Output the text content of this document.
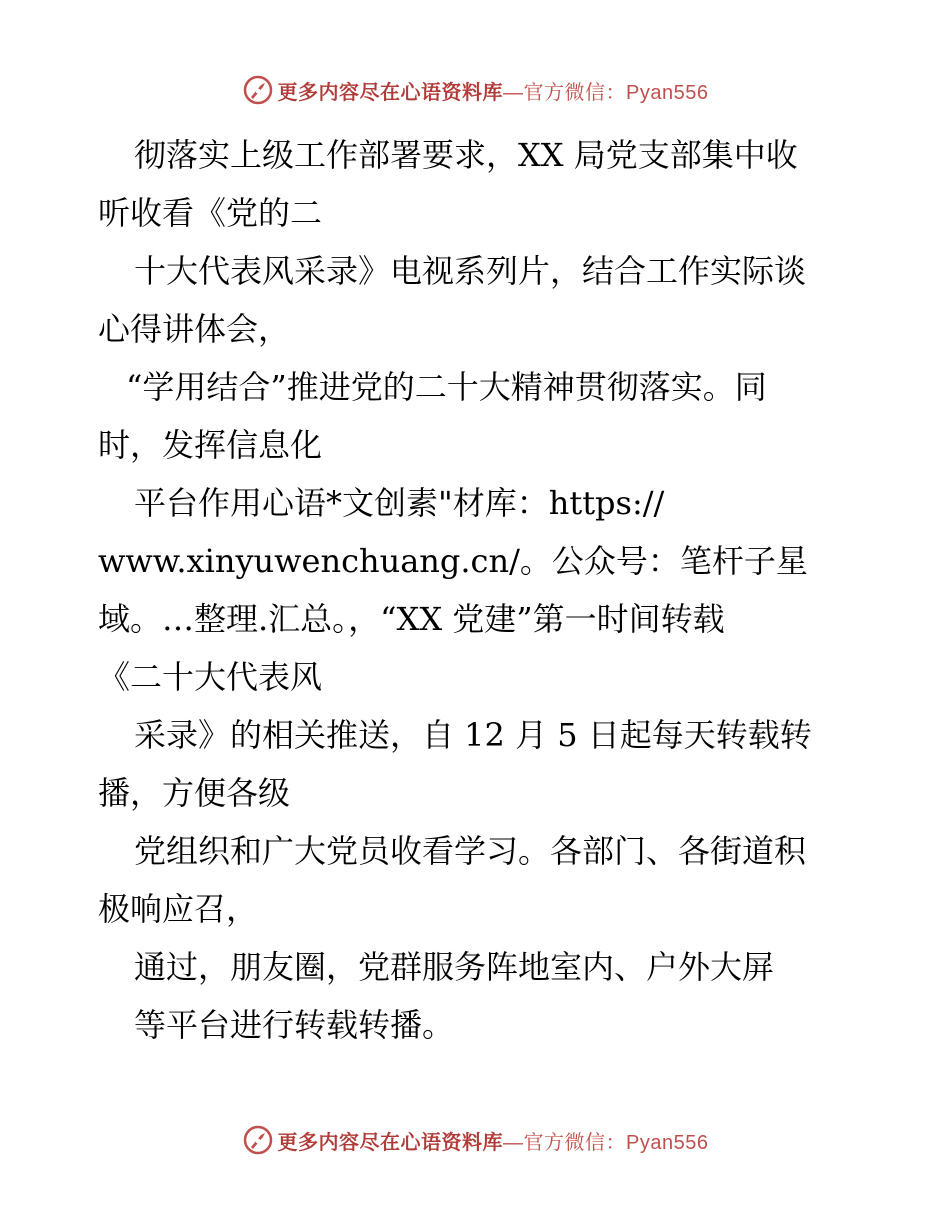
更多内容尽在心语资料库—官方微信：Pyan556
彻落实上级工作部署要求，XX 局党支部集中收
听收看《党的二
十大代表风采录》电视系列片，结合工作实际谈
心得讲体会，
“学用结合”推进党的二十大精神贯彻落实。同
时，发挥信息化
平台作用心语*文创素"材库：https://
www.xinyuwenchuang.cn/。公众号：笔杆子星
域。…整理.汇总。，“XX 党建”第一时间转载
《二十大代表风
采录》的相关推送，自 12 月 5 日起每天转载转
播，方便各级
党组织和广大党员收看学习。各部门、各街道积
极响应召，
通过，朋友圈，党群服务阵地室内、户外大屏
等平台进行转载转播。
更多内容尽在心语资料库—官方微信：Pyan556
